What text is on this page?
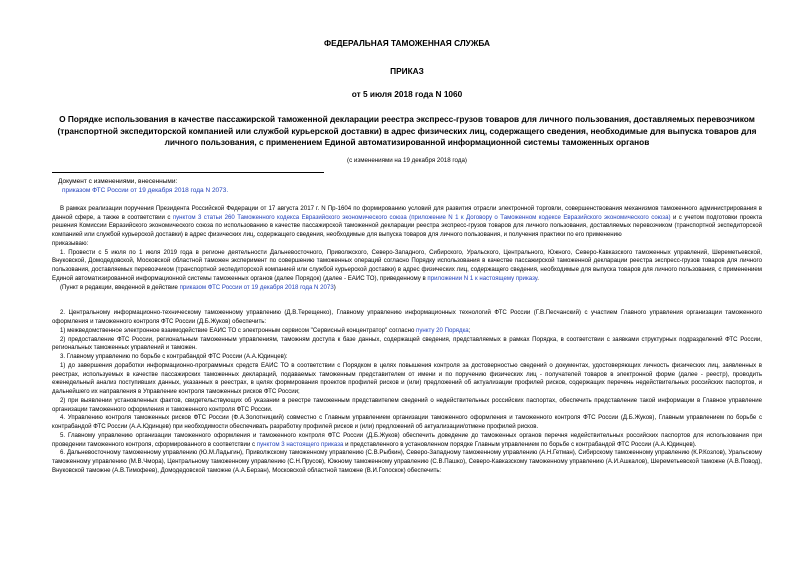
ФЕДЕРАЛЬНАЯ ТАМОЖЕННАЯ СЛУЖБА
ПРИКАЗ
от 5 июля 2018 года N 1060
О Порядке использования в качестве пассажирской таможенной декларации реестра экспресс-грузов товаров для личного пользования, доставляемых перевозчиком (транспортной экспедиторской компанией или службой курьерской доставки) в адрес физических лиц, содержащего сведения, необходимые для выпуска товаров для личного пользования, с применением Единой автоматизированной информационной системы таможенных органов
(с изменениями на 19 декабря 2018 года)
Документ с изменениями, внесенными:
приказом ФТС России от 19 декабря 2018 года N 2073.

В рамках реализации поручения Президента Российской Федерации от 17 августа 2017 г. N Пр-1604 по формированию условий для развития отрасли электронной торговли, совершенствования механизмов таможенного администрирования в данной сфере, а также в соответствии с пунктом 3 статьи 260 Таможенного кодекса Евразийского экономического союза (приложение N 1 к Договору о Таможенном кодексе Евразийского экономического союза) и с учетом подготовки проекта решения Комиссии Евразийского экономического союза по использованию в качестве пассажирской таможенной декларации реестра экспресс-грузов товаров для личного пользования, доставляемых перевозчиком (транспортной экспедиторской компанией или службой курьерской доставки) в адрес физических лиц, содержащего сведения, необходимые для выпуска товаров для личного пользования, и получения практики по его применению

приказываю:

1. Провести с 5 июля по 1 июля 2019 года в регионе деятельности Дальневосточного, Приволжского, Северо-Западного, Сибирского, Уральского, Центрального, Южного, Северо-Кавказского таможенных управлений, Шереметьевской, Внуковской, Домодедовской, Московской областной таможен эксперимент по совершению таможенных операций согласно Порядку использования в качестве пассажирской таможенной декларации реестра экспресс-грузов товаров для личного пользования, доставляемых перевозчиком (транспортной экспедиторской компанией или службой курьерской доставки) в адрес физических лиц, содержащего сведения, необходимые для выпуска товаров для личного пользования, с применением Единой автоматизированной информационной системы таможенных органов (далее Порядок) (далее - ЕАИС ТО), приведенному в приложении N 1 к настоящему приказу.

(Пункт в редакции, введенной в действие приказом ФТС России от 19 декабря 2018 года N 2073)

2. Центральному информационно-техническому таможенному управлению (Д.В.Терещенко), Главному управлению информационных технологий ФТС России (Г.В.Песчанский) с участием Главного управления организации таможенного оформления и таможенного контроля ФТС России (Д.Б.Жуков) обеспечить:

1) межведомственное электронное взаимодействие ЕАИС ТО с электронным сервисом "Сервисный концентратор" согласно пункту 20 Порядка;

2) предоставление ФТС России, региональным таможенным управлениям, таможням доступа к базе данных, содержащей сведения, представляемых в рамках Порядка, в соответствии с заявками структурных подразделений ФТС России, региональных таможенных управлений и таможен.

3. Главному управлению по борьбе с контрабандой ФТС России (А.А.Юдинцев):

1) до завершения доработки информационно-программных средств ЕАИС ТО в соответствии с Порядком в целях повышения контроля за достоверностью сведений о документах, удостоверяющих личность физических лиц, заявленных в реестрах, используемых в качестве пассажирских таможенных деклараций, подаваемых таможенным представителем от имени и по поручению физических лиц - получателей товаров в электронной форме (далее - реестр), проводить еженедельный анализ поступивших данных, указанных в реестрах, в целях формирования проектов профилей рисков и (или) предложений об актуализации профилей рисков, содержащих перечень недействительных российских паспортов, и дальнейшего их направления в Управление контроля таможенных рисков ФТС России;

2) при выявлении установленных фактов, свидетельствующих об указании в реестре таможенным представителем сведений о недействительных российских паспортах, обеспечить представление такой информации в Главное управление организации таможенного оформления и таможенного контроля ФТС России.

4. Управлению контроля таможенных рисков ФТС России (Ф.А.Золотницкий) совместно с Главным управлением организации таможенного оформления и таможенного контроля ФТС России (Д.Б.Жуков), Главным управлением по борьбе с контрабандой ФТС России (А.А.Юдинцев) при необходимости обеспечивать разработку профилей рисков и (или) предложений об актуализации/отмене профилей рисков.

5. Главному управлению организации таможенного оформления и таможенного контроля ФТС России (Д.Б.Жуков) обеспечить доведение до таможенных органов перечня недействительных российских паспортов для использования при проведении таможенного контроля, сформированного в соответствии с пунктом 3 настоящего приказа и представленного в установленном порядке Главным управлением по борьбе с контрабандой ФТС России (А.А.Юдинцев).

6. Дальневосточному таможенному управлению (Ю.М.Ладыгин), Приволжскому таможенному управлению (С.В.Рыбкин), Северо-Западному таможенному управлению (А.Н.Гетман), Сибирскому таможенному управлению (К.Р.Козлов), Уральскому таможенному управлению (М.В.Чмора), Центральному таможенному управлению (С.Н.Прусов), Южному таможенному управлению (С.В.Пашко), Северо-Кавказскому таможенному управлению (А.И.Ашкалов), Шереметьевской таможне (А.В.Повод), Внуковской таможне (А.В.Тимофеев), Домодедовской таможне (А.А.Берзан), Московской областной таможне (В.И.Голоскок) обеспечить:
